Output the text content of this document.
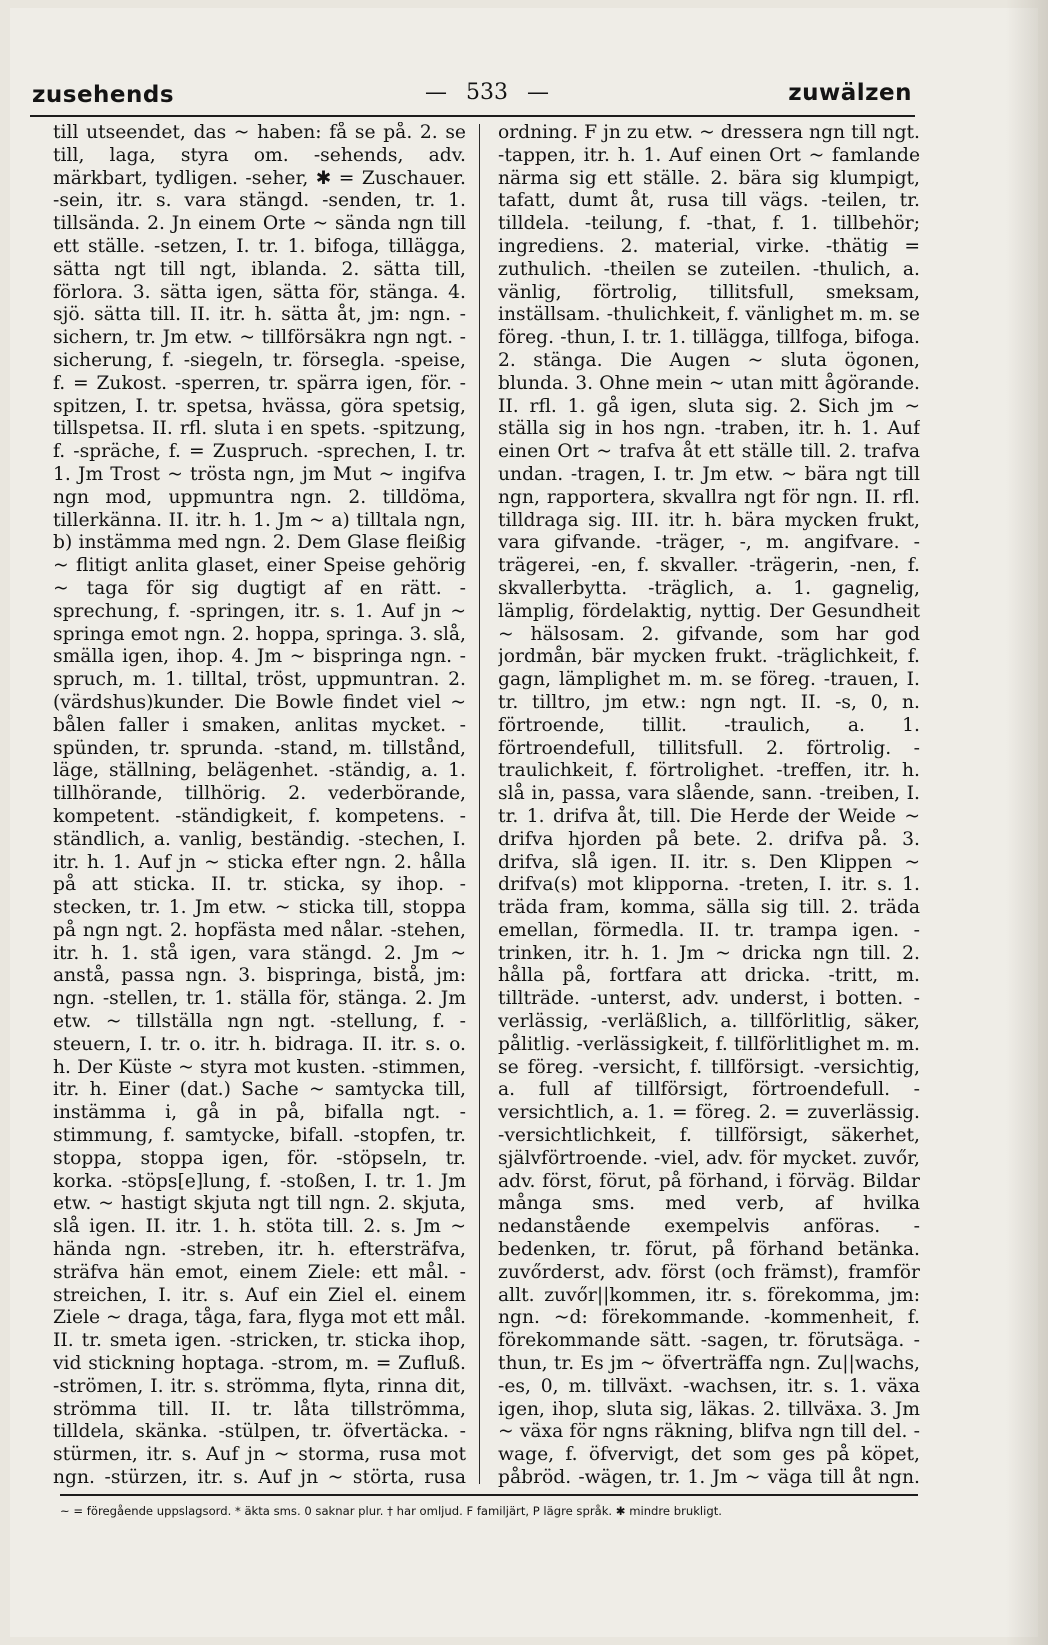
zusehends	— 533 —	zuwälzen

till utseendet, das ~ haben: få se på. 2. se till, laga, styra om. -sehends, adv. märkbart, tydligen. -seher, ✱ = Zuschauer. -sein, itr. s. vara stängd. -senden, tr. 1. tillsända. 2. Jn einem Orte ~ sända ngn till ett ställe. -setzen, I. tr. 1. bifoga, tillägga, sätta ngt till ngt, iblanda. 2. sätta till, förlora. 3. sätta igen, sätta för, stänga. 4. sjö. sätta till. II. itr. h. sätta åt, jm: ngn. -sichern, tr. Jm etw. ~ tillförsäkra ngn ngt. -sicherung, f. -siegeln, tr. försegla. -speise, f. = Zukost. -sperren, tr. spärra igen, för. -spitzen, I. tr. spetsa, hvässa, göra spetsig, tillspetsa. II. rfl. sluta i en spets. -spitzung, f. -spräche, f. = Zuspruch. -sprechen, I. tr. 1. Jm Trost ~ trösta ngn, jm Mut ~ ingifva ngn mod, uppmuntra ngn. 2. tilldöma, tillerkänna. II. itr. h. 1. Jm ~ a) tilltala ngn, b) instämma med ngn. 2. Dem Glase fleißig ~ flitigt anlita glaset, einer Speise gehörig ~ taga för sig dugtigt af en rätt. -sprechung, f. -springen, itr. s. 1. Auf jn ~ springa emot ngn. 2. hoppa, springa. 3. slå, smälla igen, ihop. 4. Jm ~ bispringa ngn. -spruch, m. 1. tilltal, tröst, uppmuntran. 2. (värdshus)kunder. Die Bowle findet viel ~ bålen faller i smaken, anlitas mycket. -spünden, tr. sprunda. -stand, m. tillstånd, läge, ställning, belägenhet. -ständig, a. 1. tillhörande, tillhörig. 2. vederbörande, kompetent. -ständigkeit, f. kompetens. -ständlich, a. vanlig, beständig. -stechen, I. itr. h. 1. Auf jn ~ sticka efter ngn. 2. hålla på att sticka. II. tr. sticka, sy ihop. -stecken, tr. 1. Jm etw. ~ sticka till, stoppa på ngn ngt. 2. hopfästa med nålar. -stehen, itr. h. 1. stå igen, vara stängd. 2. Jm ~ anstå, passa ngn. 3. bispringa, bistå, jm: ngn. -stellen, tr. 1. ställa för, stänga. 2. Jm etw. ~ tillställa ngn ngt. -stellung, f. -steuern, I. tr. o. itr. h. bidraga. II. itr. s. o. h. Der Küste ~ styra mot kusten. -stimmen, itr. h. Einer (dat.) Sache ~ samtycka till, instämma i, gå in på, bifalla ngt. -stimmung, f. samtycke, bifall. -stopfen, tr. stoppa, stoppa igen, för. -stöpseln, tr. korka. -stöps[e]lung, f. -stoßen, I. tr. 1. Jm etw. ~ hastigt skjuta ngt till ngn. 2. skjuta, slå igen. II. itr. 1. h. stöta till. 2. s. Jm ~ hända ngn. -streben, itr. h. eftersträfva, sträfva hän emot, einem Ziele: ett mål. -streichen, I. itr. s. Auf ein Ziel el. einem Ziele ~ draga, tåga, fara, flyga mot ett mål. II. tr. smeta igen. -stricken, tr. sticka ihop, vid stickning hoptaga. -strom, m. = Zufluß. -strömen, I. itr. s. strömma, flyta, rinna dit, strömma till. II. tr. låta tillströmma, tilldela, skänka. -stülpen, tr. öfvertäcka. -stürmen, itr. s. Auf jn ~ storma, rusa mot ngn. -stürzen, itr. s. Auf jn ~ störta, rusa

ordning. F jn zu etw. ~ dressera ngn till ngt. -tappen, itr. h. 1. Auf einen Ort ~ famlande närma sig ett ställe. 2. bära sig klumpigt, tafatt, dumt åt, rusa till vägs. -teilen, tr. tilldela. -teilung, f. -that, f. 1. tillbehör; ingrediens. 2. material, virke. -thätig = zuthulich. -theilen se zuteilen. -thulich, a. vänlig, förtrolig, tillitsfull, smeksam, inställsam. -thulichkeit, f. vänlighet m. m. se föreg. -thun, I. tr. 1. tillägga, tillfoga, bifoga. 2. stänga. Die Augen ~ sluta ögonen, blunda. 3. Ohne mein ~ utan mitt ågörande. II. rfl. 1. gå igen, sluta sig. 2. Sich jm ~ ställa sig in hos ngn. -traben, itr. h. 1. Auf einen Ort ~ trafva åt ett ställe till. 2. trafva undan. -tragen, I. tr. Jm etw. ~ bära ngt till ngn, rapportera, skvallra ngt för ngn. II. rfl. tilldraga sig. III. itr. h. bära mycken frukt, vara gifvande. -träger, -, m. angifvare. -trägerei, -en, f. skvaller. -trägerin, -nen, f. skvallerbytta. -träglich, a. 1. gagnelig, lämplig, fördelaktig, nyttig. Der Gesundheit ~ hälsosam. 2. gifvande, som har god jordmån, bär mycken frukt. -träglichkeit, f. gagn, lämplighet m. m. se föreg. -trauen, I. tr. tilltro, jm etw.: ngn ngt. II. -s, 0, n. förtroende, tillit. -traulich, a. 1. förtroendefull, tillitsfull. 2. förtrolig. -traulichkeit, f. förtrolighet. -treffen, itr. h. slå in, passa, vara slående, sann. -treiben, I. tr. 1. drifva åt, till. Die Herde der Weide ~ drifva hjorden på bete. 2. drifva på. 3. drifva, slå igen. II. itr. s. Den Klippen ~ drifva(s) mot klipporna. -treten, I. itr. s. 1. träda fram, komma, sälla sig till. 2. träda emellan, förmedla. II. tr. trampa igen. -trinken, itr. h. 1. Jm ~ dricka ngn till. 2. hålla på, fortfara att dricka. -tritt, m. tillträde. -unterst, adv. underst, i botten. -verlässig, -verläßlich, a. tillförlitlig, säker, pålitlig. -verlässigkeit, f. tillförlitlighet m. m. se föreg. -versicht, f. tillförsigt. -versichtig, a. full af tillförsigt, förtroendefull. -versichtlich, a. 1. = föreg. 2. = zuverlässig. -versichtlichkeit, f. tillförsigt, säkerhet, självförtroende. -viel, adv. för mycket. zuvőr, adv. först, förut, på förhand, i förväg. Bildar många sms. med verb, af hvilka nedanstående exempelvis anföras. -bedenken, tr. förut, på förhand betänka. zuvőrderst, adv. först (och främst), framför allt. zuvőr||kommen, itr. s. förekomma, jm: ngn. ~d: förekommande. -kommenheit, f. förekommande sätt. -sagen, tr. förutsäga. -thun, tr. Es jm ~ öfverträffa ngn. Zu||wachs, -es, 0, m. tillväxt. -wachsen, itr. s. 1. växa igen, ihop, sluta sig, läkas. 2. tillväxa. 3. Jm ~ växa för ngns räkning, blifva ngn till del. -wage, f. öfvervigt, det som ges på köpet, påbröd. -wägen, tr. 1. Jm ~ väga till åt ngn.

~ = föregående uppslagsord. * äkta sms. 0 saknar plur. † har omljud. F familjärt, P lägre språk. ✱ mindre brukligt.
